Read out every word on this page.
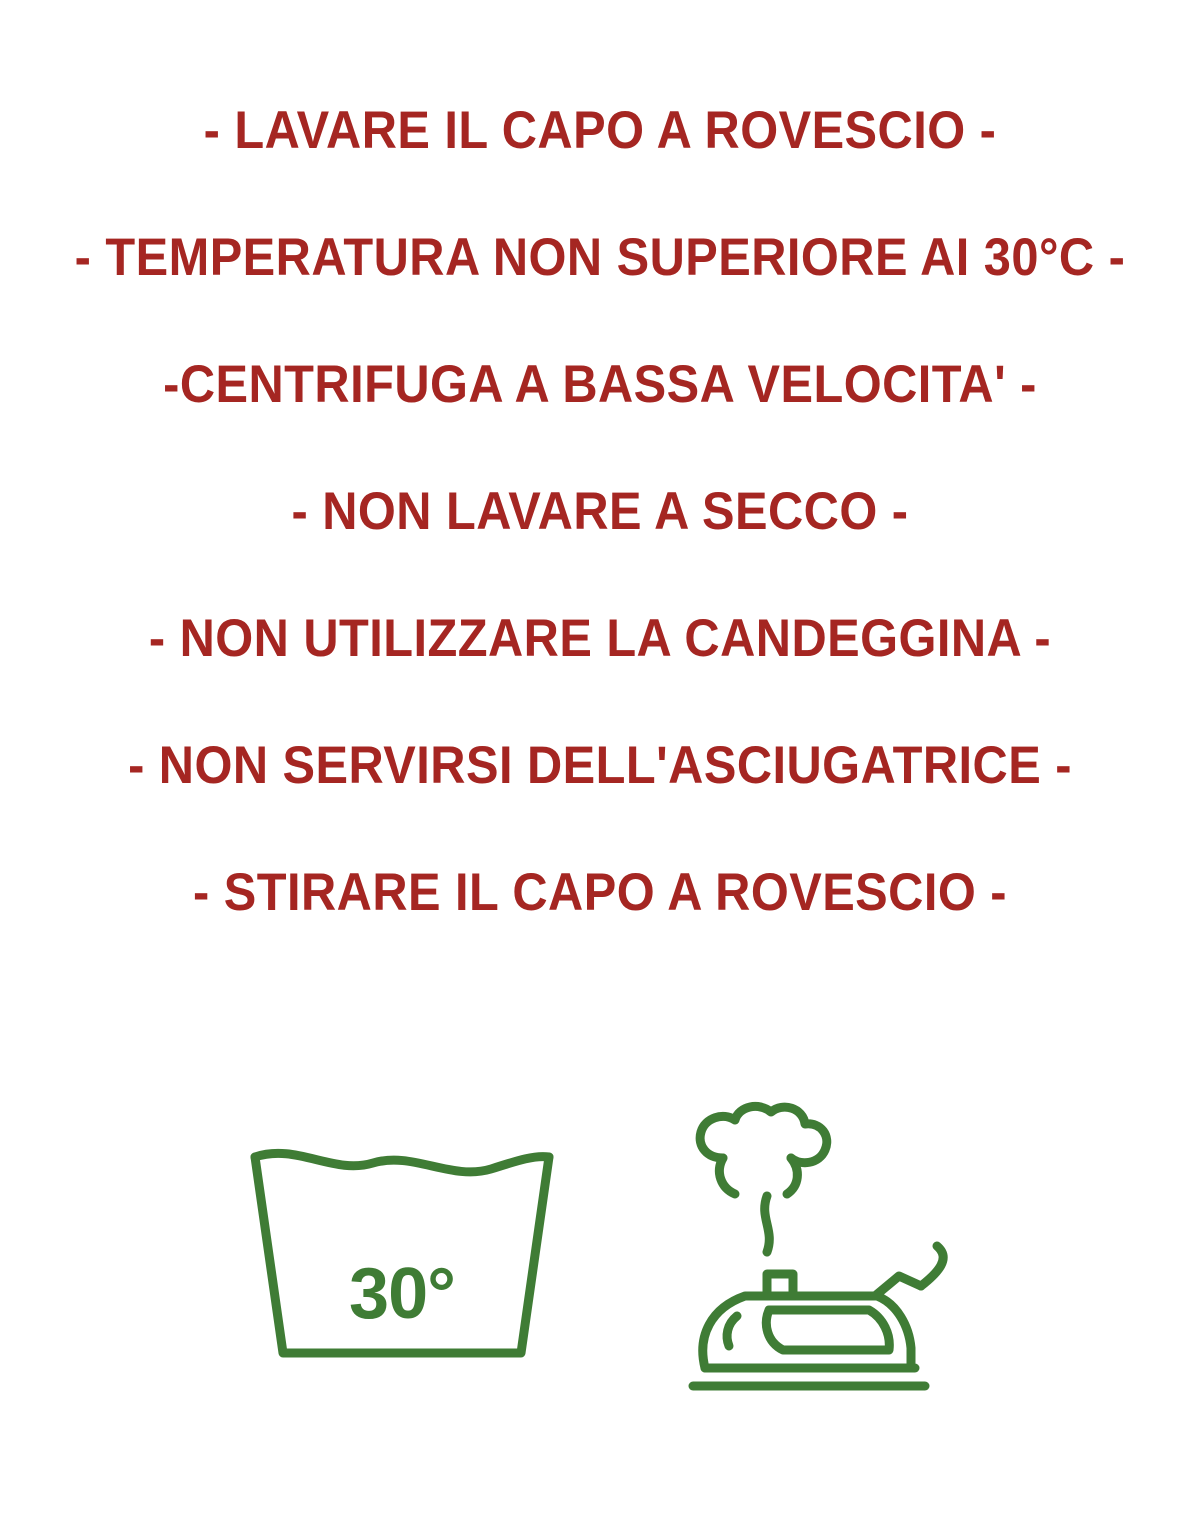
- LAVARE IL CAPO A ROVESCIO -

- TEMPERATURA NON SUPERIORE AI 30°C -

-CENTRIFUGA A BASSA VELOCITA' -

- NON LAVARE A SECCO -

- NON UTILIZZARE LA CANDEGGINA -

- NON SERVIRSI DELL'ASCIUGATRICE -

- STIRARE IL CAPO A ROVESCIO -

30°
